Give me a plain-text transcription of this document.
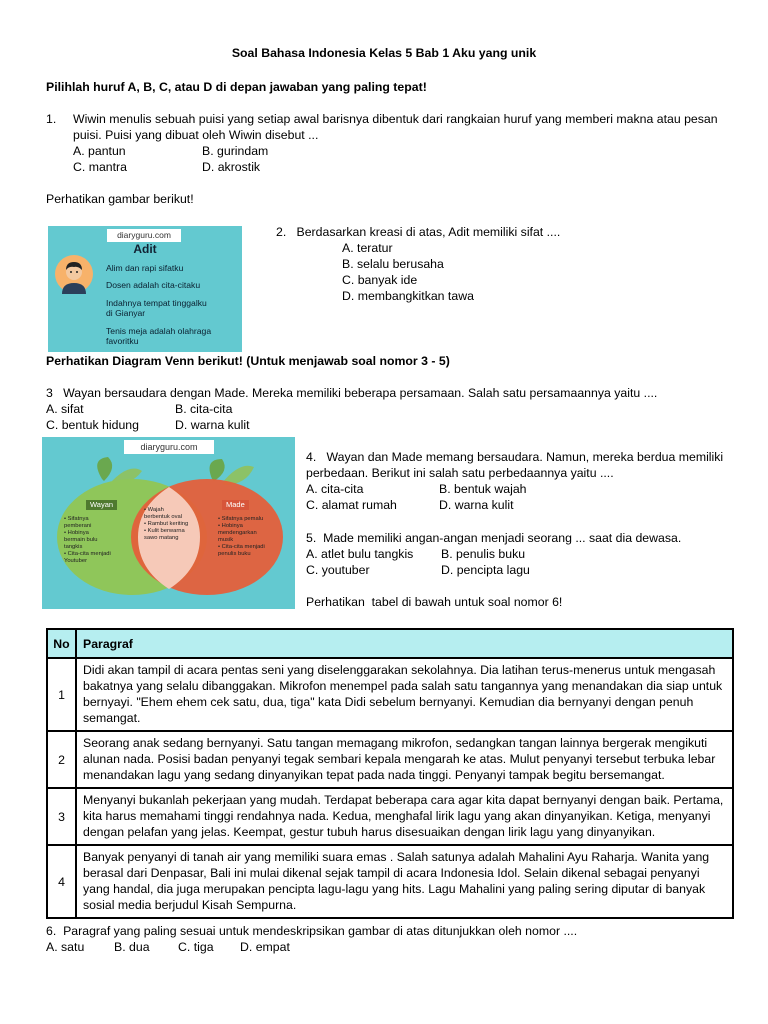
Soal Bahasa Indonesia Kelas 5 Bab 1 Aku yang unik
Pilihlah huruf A, B, C, atau D di depan jawaban yang paling tepat!
1. Wiwin menulis sebuah puisi yang setiap awal barisnya dibentuk dari rangkaian huruf yang memberi makna atau pesan
puisi. Puisi yang dibuat oleh Wiwin disebut ...
A. pantun	B. gurindam
C. mantra	D. akrostik
Perhatikan gambar berikut!
diaryguru.com
Adit
Alim dan rapi sifatku
Dosen adalah cita-citaku
Indahnya tempat tinggalku
di Gianyar
Tenis meja adalah olahraga
favoritku
2.   Berdasarkan kreasi di atas, Adit memiliki sifat ....
A. teratur
B. selalu berusaha
C. banyak ide
D. membangkitkan tawa
Perhatikan Diagram Venn berikut! (Untuk menjawab soal nomor 3 - 5)
3   Wayan bersaudara dengan Made. Mereka memiliki beberapa persamaan. Salah satu persamaannya yaitu ....
A. sifat	B. cita-cita
C. bentuk hidung	D. warna kulit
diaryguru.com
Wayan	Made
• Sifatnya
pemberani
• Hobinya
bermain bulu
tangkis
• Cita-cita menjadi
Youtuber
• Wajah
berbentuk oval
• Rambut keriting
• Kulit berwarna
sawo matang
• Sifatnya pemalu
• Hobinya
mendengarkan
musik
• Cita-cita menjadi
penulis buku
4.   Wayan dan Made memang bersaudara. Namun, mereka berdua memiliki
perbedaan. Berikut ini salah satu perbedaannya yaitu ....
A. cita-cita	B. bentuk wajah
C. alamat rumah	D. warna kulit
5.  Made memiliki angan-angan menjadi seorang ... saat dia dewasa.
A. atlet bulu tangkis B. penulis buku
C. youtuber	D. pencipta lagu
Perhatikan  tabel di bawah untuk soal nomor 6!
No	Paragraf
1	Didi akan tampil di acara pentas seni yang diselenggarakan sekolahnya. Dia latihan terus-menerus untuk mengasah bakatnya yang selalu dibanggakan. Mikrofon menempel pada salah satu tangannya yang menandakan dia siap untuk bernyayi. "Ehem ehem cek satu, dua, tiga" kata Didi sebelum bernyanyi. Kemudian dia bernyanyi dengan penuh semangat.
2	Seorang anak sedang bernyanyi. Satu tangan memagang mikrofon, sedangkan tangan lainnya bergerak mengikuti alunan nada. Posisi badan penyanyi tegak sembari kepala mengarah ke atas. Mulut penyanyi tersebut terbuka lebar menandakan lagu yang sedang dinyanyikan tepat pada nada tinggi. Penyanyi tampak begitu bersemangat.
3	Menyanyi bukanlah pekerjaan yang mudah. Terdapat beberapa cara agar kita dapat bernyanyi dengan baik. Pertama, kita harus memahami tinggi rendahnya nada. Kedua, menghafal lirik lagu yang akan dinyanyikan. Ketiga, menyanyi dengan pelafan yang jelas. Keempat, gestur tubuh harus disesuaikan dengan lirik lagu yang dinyanyikan.
4	Banyak penyanyi di tanah air yang memiliki suara emas . Salah satunya adalah Mahalini Ayu Raharja. Wanita yang berasal dari Denpasar, Bali ini mulai dikenal sejak tampil di acara Indonesia Idol. Selain dikenal sebagai penyanyi yang handal, dia juga merupakan pencipta lagu-lagu yang hits. Lagu Mahalini yang paling sering diputar di banyak sosial media berjudul Kisah Sempurna.
6.  Paragraf yang paling sesuai untuk mendeskripsikan gambar di atas ditunjukkan oleh nomor ....
A. satu B. dua C. tiga D. empat
